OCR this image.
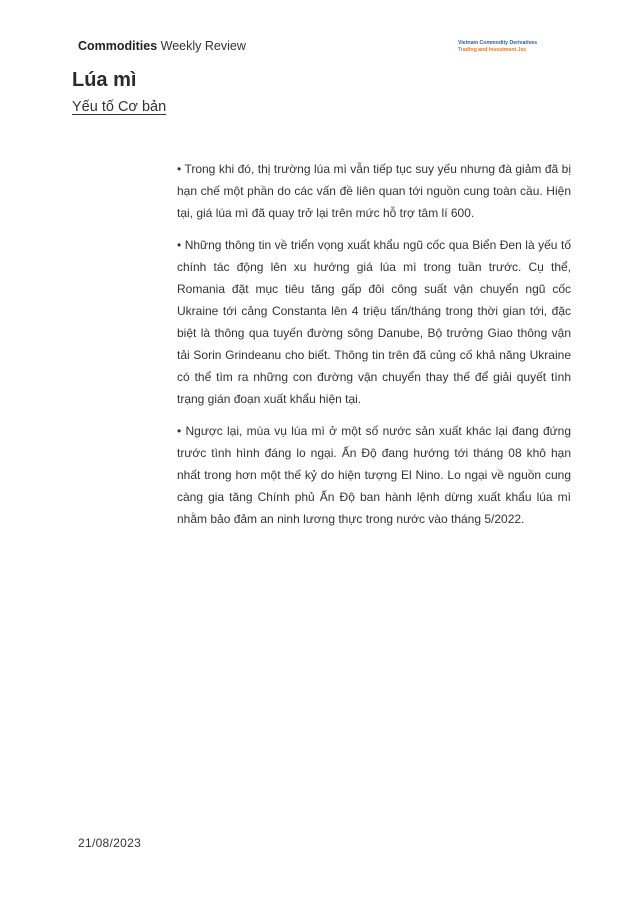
Commodities Weekly Review	Vietnam Commodity Derivatives
Trading and Investment Jsc
Lúa mì
Yếu tố Cơ bản

• Trong khi đó, thị trường lúa mì vẫn tiếp tục suy yếu nhưng đà giảm đã bị hạn chế một phần do các vấn đề liên quan tới nguồn cung toàn cầu. Hiện tại, giá lúa mì đã quay trở lại trên mức hỗ trợ tâm lí 600.

• Những thông tin về triển vọng xuất khẩu ngũ cốc qua Biển Đen là yếu tố chính tác động lên xu hướng giá lúa mì trong tuần trước. Cụ thể, Romania đặt mục tiêu tăng gấp đôi công suất vận chuyển ngũ cốc Ukraine tới cảng Constanta lên 4 triệu tấn/tháng trong thời gian tới, đặc biệt là thông qua tuyến đường sông Danube, Bộ trưởng Giao thông vận tải Sorin Grindeanu cho biết. Thông tin trên đã củng cố khả năng Ukraine có thể tìm ra những con đường vận chuyển thay thế để giải quyết tình trạng gián đoạn xuất khẩu hiện tại.

• Ngược lại, mùa vụ lúa mì ở một số nước sản xuất khác lại đang đứng trước tình hình đáng lo ngại. Ấn Độ đang hướng tới tháng 08 khô hạn nhất trong hơn một thế kỷ do hiện tượng El Nino. Lo ngại về nguồn cung càng gia tăng Chính phủ Ấn Độ ban hành lệnh dừng xuất khẩu lúa mì nhằm bảo đảm an ninh lương thực trong nước vào tháng 5/2022.

21/08/2023
